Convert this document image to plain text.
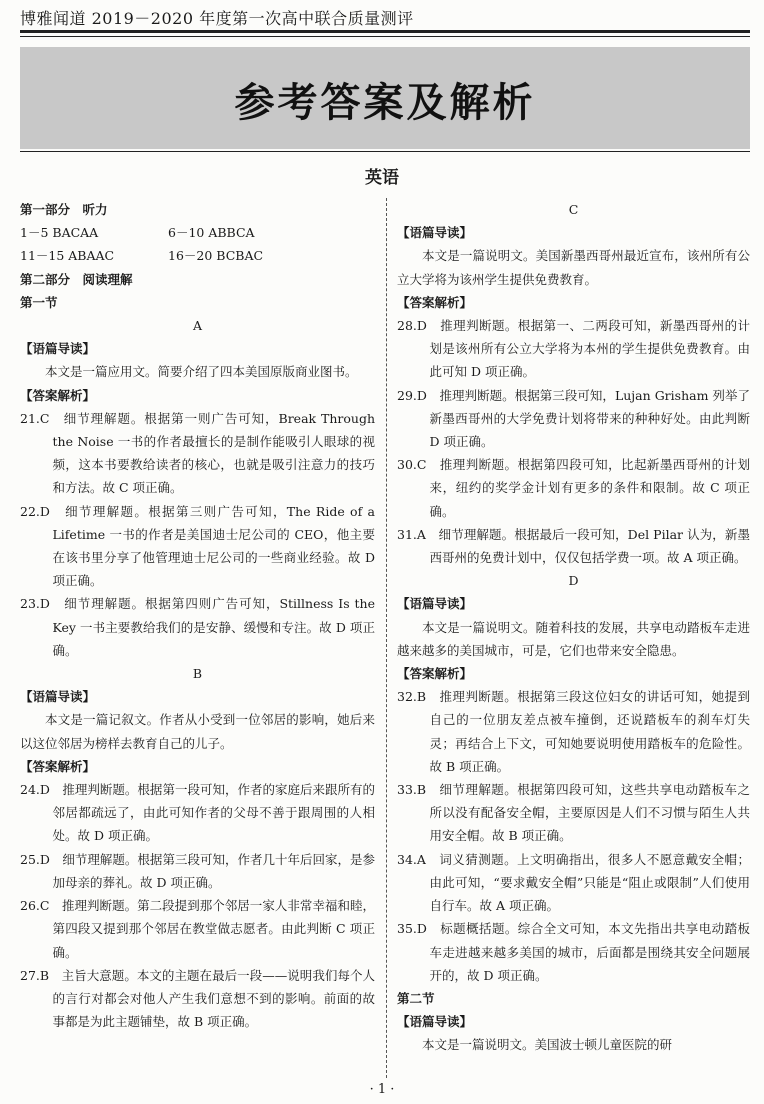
博雅闻道 2019－2020 年度第一次高中联合质量测评
参考答案及解析
英语

第一部分　听力

1－5 BACAA	6－10 ABBCA
11－15 ABAAC	16－20 BCBAC

第二部分　阅读理解

第一节

A

【语篇导读】

本文是一篇应用文。简要介绍了四本美国原版商业图书。

【答案解析】

21.C　细节理解题。根据第一则广告可知，Break Through the Noise 一书的作者最擅长的是制作能吸引人眼球的视频，这本书要教给读者的核心，也就是吸引注意力的技巧和方法。故 C 项正确。

22.D　细节理解题。根据第三则广告可知，The Ride of a Lifetime 一书的作者是美国迪士尼公司的 CEO，他主要在该书里分享了他管理迪士尼公司的一些商业经验。故 D 项正确。

23.D　细节理解题。根据第四则广告可知，Stillness Is the Key 一书主要教给我们的是安静、缓慢和专注。故 D 项正确。

B

【语篇导读】

本文是一篇记叙文。作者从小受到一位邻居的影响，她后来以这位邻居为榜样去教育自己的儿子。

【答案解析】

24.D　推理判断题。根据第一段可知，作者的家庭后来跟所有的邻居都疏远了，由此可知作者的父母不善于跟周围的人相处。故 D 项正确。

25.D　细节理解题。根据第三段可知，作者几十年后回家，是参加母亲的葬礼。故 D 项正确。

26.C　推理判断题。第二段提到那个邻居一家人非常幸福和睦，第四段又提到那个邻居在教堂做志愿者。由此判断 C 项正确。

27.B　主旨大意题。本文的主题在最后一段——说明我们每个人的言行对都会对他人产生我们意想不到的影响。前面的故事都是为此主题铺垫，故 B 项正确。

C

【语篇导读】

本文是一篇说明文。美国新墨西哥州最近宣布，该州所有公立大学将为该州学生提供免费教育。

【答案解析】

28.D　推理判断题。根据第一、二两段可知，新墨西哥州的计划是该州所有公立大学将为本州的学生提供免费教育。由此可知 D 项正确。

29.D　推理判断题。根据第三段可知，Lujan Grisham 列举了新墨西哥州的大学免费计划将带来的种种好处。由此判断 D 项正确。

30.C　推理判断题。根据第四段可知，比起新墨西哥州的计划来，纽约的奖学金计划有更多的条件和限制。故 C 项正确。

31.A　细节理解题。根据最后一段可知，Del Pilar 认为，新墨西哥州的免费计划中，仅仅包括学费一项。故 A 项正确。

D

【语篇导读】

本文是一篇说明文。随着科技的发展，共享电动踏板车走进越来越多的美国城市，可是，它们也带来安全隐患。

【答案解析】

32.B　推理判断题。根据第三段这位妇女的讲话可知，她提到自己的一位朋友差点被车撞倒，还说踏板车的刹车灯失灵；再结合上下文，可知她要说明使用踏板车的危险性。故 B 项正确。

33.B　细节理解题。根据第四段可知，这些共享电动踏板车之所以没有配备安全帽，主要原因是人们不习惯与陌生人共用安全帽。故 B 项正确。

34.A　词义猜测题。上文明确指出，很多人不愿意戴安全帽；由此可知，“要求戴安全帽”只能是“阻止或限制”人们使用自行车。故 A 项正确。

35.D　标题概括题。综合全文可知，本文先指出共享电动踏板车走进越来越多美国的城市，后面都是围绕其安全问题展开的，故 D 项正确。

第二节

【语篇导读】

本文是一篇说明文。美国波士顿儿童医院的研

· 1 ·
